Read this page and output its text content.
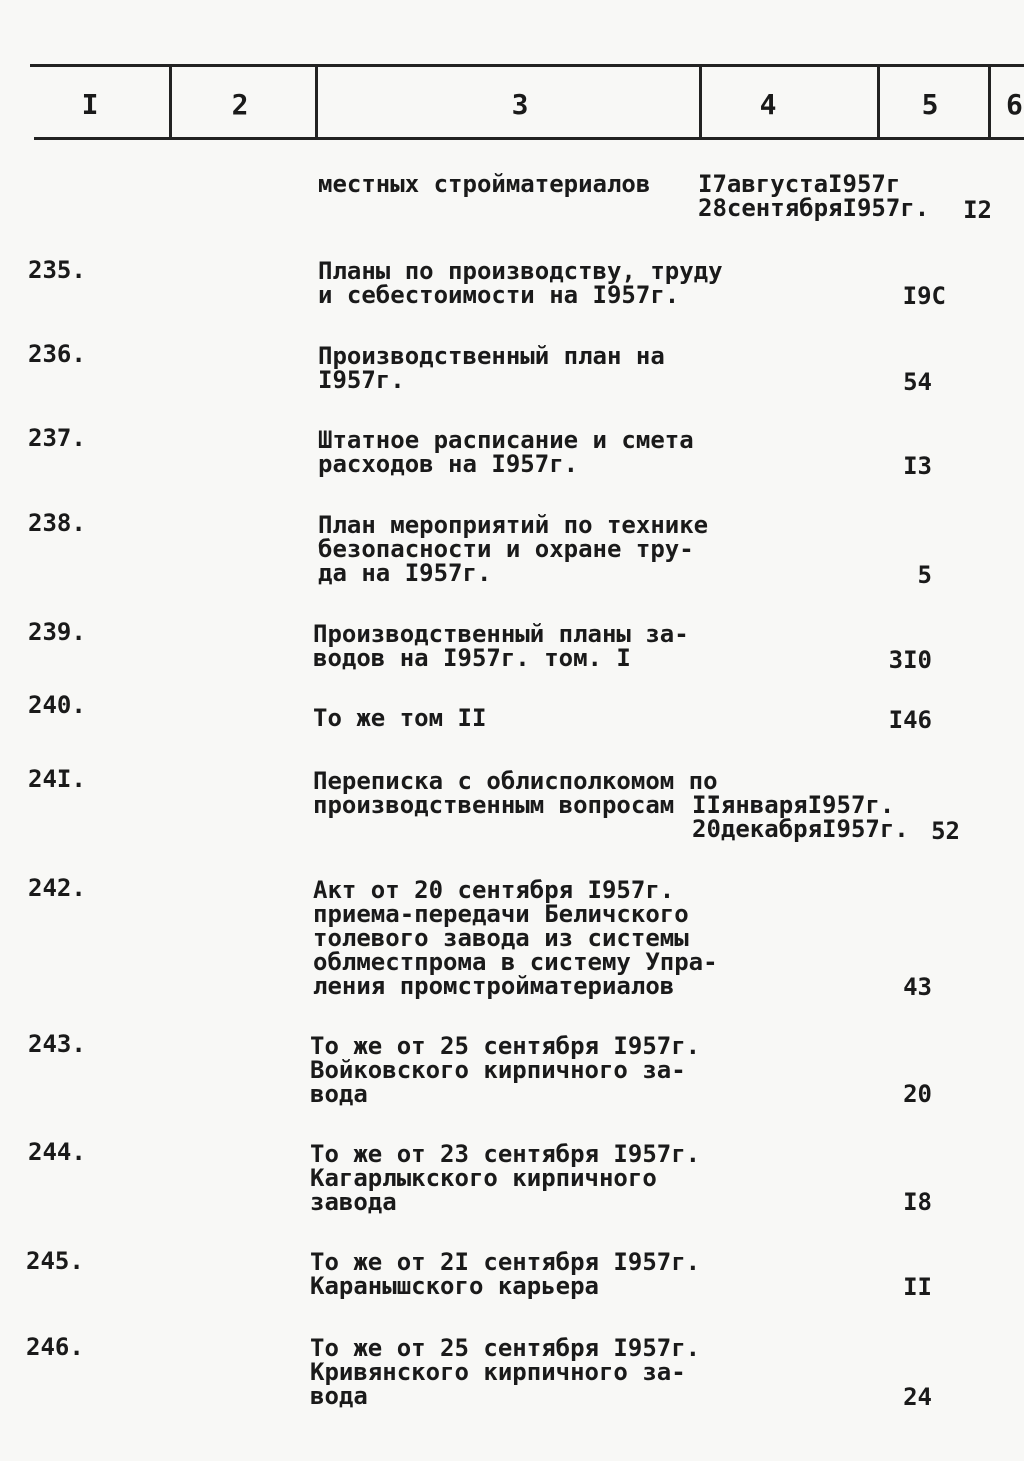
I	2	3	4	5	6
местных стройматериалов I7августаI957г
28сентябряI957г.	I2
235.	Планы по производству, труду
и себестоимости на I957г.	I9C
236.	Производственный план на
I957г.	54
237.	Штатное расписание и смета
расходов на I957г.	I3
238.	План мероприятий по технике
безопасности и охране тру-
да на I957г.	5
239.	Производственный планы за-
водов на I957г. том. I	3I0
240.	То же том II	I46
24I.	Переписка с облисполкомом по
производственным вопросам IIянваряI957г.
20декабряI957г. 52
242.	Акт от 20 сентября I957г.
приема-передачи Беличского
толевого завода из системы
облместпрома в систему Упра-
ления промстройматериалов	43
243.	То же от 25 сентября I957г.
Войковского кирпичного за-
вода	20
244.	То же от 23 сентября I957г.
Кагарлыкского кирпичного
завода	I8
245.	То же от 2I сентября I957г.
Каранышского карьера	II
246.	То же от 25 сентября I957г.
Кривянского кирпичного за-
вода	24
